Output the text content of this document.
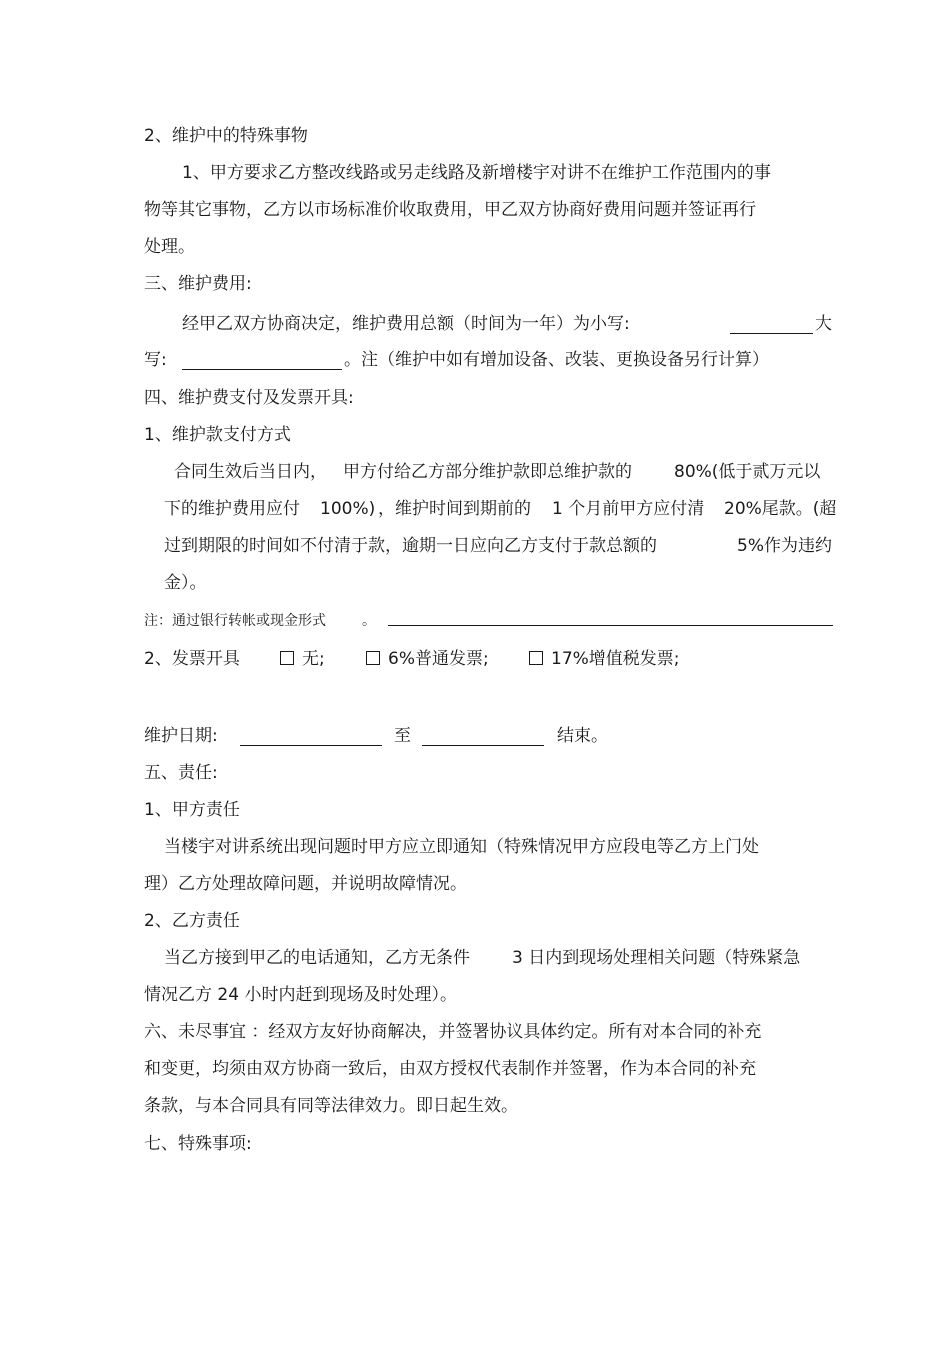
2、维护中的特殊事物
1、甲方要求乙方整改线路或另走线路及新增楼宇对讲不在维护工作范围内的事
物等其它事物，乙方以市场标准价收取费用，甲乙双方协商好费用问题并签证再行
处理。
三、维护费用:
经甲乙双方协商决定，维护费用总额（时间为一年）为小写:	大
写:	。注（维护中如有增加设备、改装、更换设备另行计算）
四、维护费支付及发票开具:
1、维护款支付方式
合同生效后当日内， 甲方付给乙方部分维护款即总维护款的 80%(低于贰万元以
下的维护费用应付 100%) ，维护时间到期前的 1 个月前甲方应付清 20%尾款。(超
过到期限的时间如不付清于款，逾期一日应向乙方支付于款总额的	5%作为违约
金）。
注：通过银行转帐或现金形式	。
2、发票开具	无;	6%普通发票;	17%增值税发票;
维护日期:	至	结束。
五、责任:
1、甲方责任
当楼宇对讲系统出现问题时甲方应立即通知（特殊情况甲方应段电等乙方上门处
理）乙方处理故障问题，并说明故障情况。
2、乙方责任
当乙方接到甲乙的电话通知，乙方无条件 3 日内到现场处理相关问题（特殊紧急
情况乙方 24 小时内赶到现场及时处理）。
六、未尽事宜 ：经双方友好协商解决，并签署协议具体约定。所有对本合同的补充
和变更，均须由双方协商一致后，由双方授权代表制作并签署，作为本合同的补充
条款，与本合同具有同等法律效力。即日起生效。
七、特殊事项:
